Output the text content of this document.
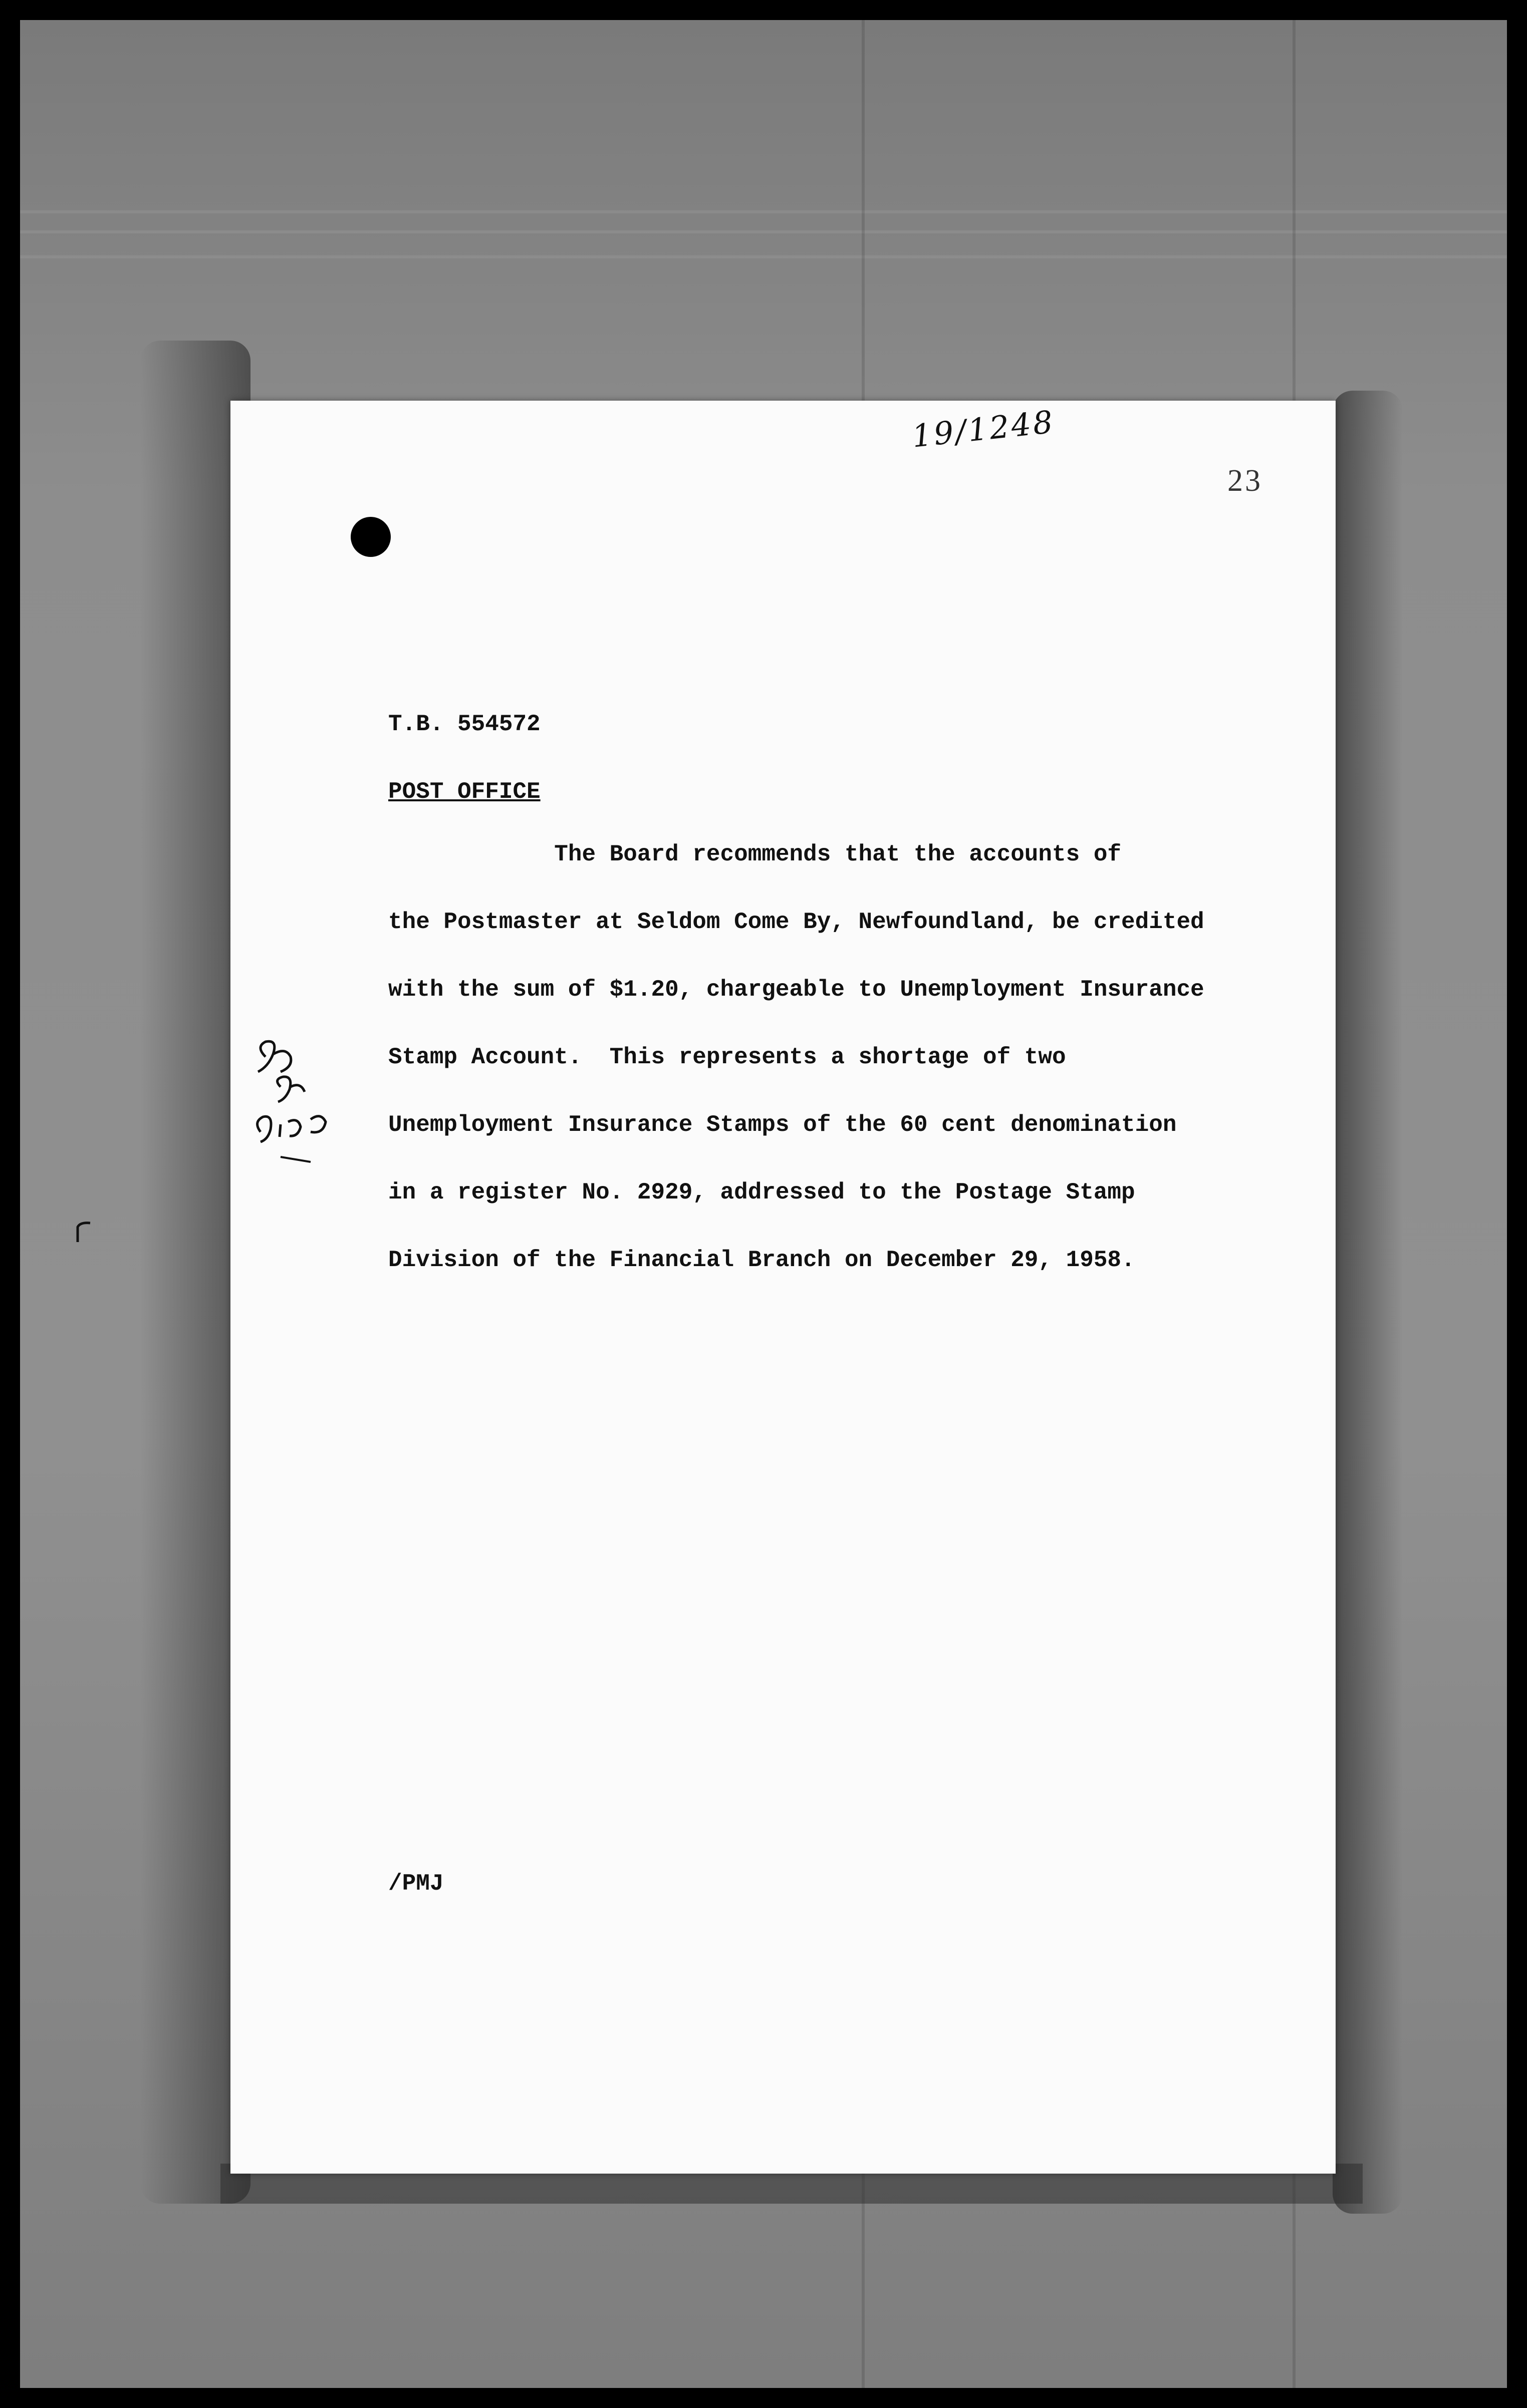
19/1248
23
T.B. 554572
POST OFFICE
The Board recommends that the accounts of
the Postmaster at Seldom Come By, Newfoundland, be credited
with the sum of $1.20, chargeable to Unemployment Insurance
Stamp Account.  This represents a shortage of two
Unemployment Insurance Stamps of the 60 cent denomination
in a register No. 2929, addressed to the Postage Stamp
Division of the Financial Branch on December 29, 1958.
/PMJ
